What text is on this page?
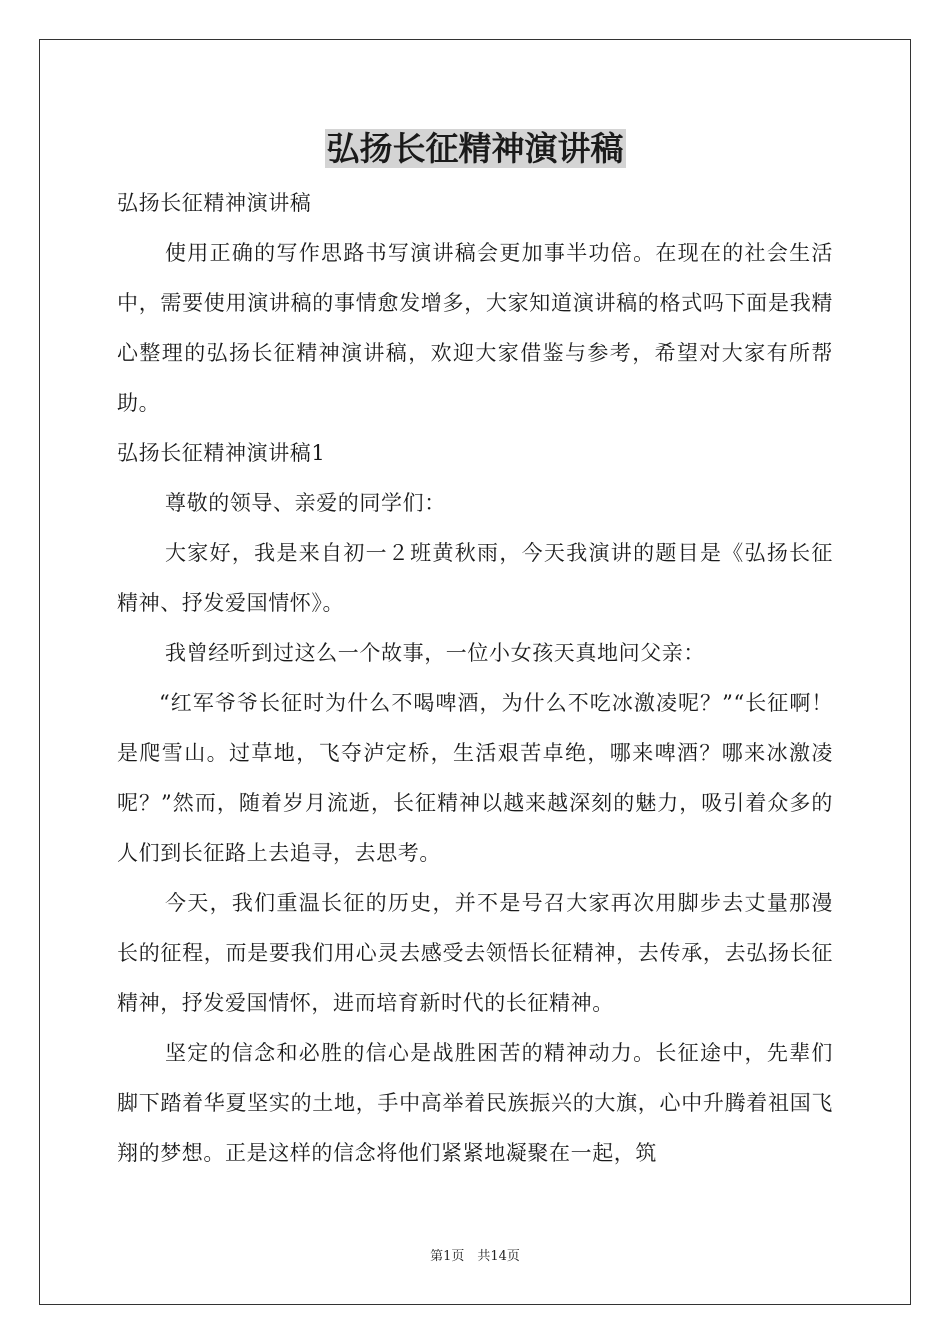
弘扬长征精神演讲稿

弘扬长征精神演讲稿

使用正确的写作思路书写演讲稿会更加事半功倍。在现在的社会生活中，需要使用演讲稿的事情愈发增多，大家知道演讲稿的格式吗下面是我精心整理的弘扬长征精神演讲稿，欢迎大家借鉴与参考，希望对大家有所帮助。

弘扬长征精神演讲稿1

尊敬的领导、亲爱的同学们：

大家好，我是来自初一２班黄秋雨，今天我演讲的题目是《弘扬长征精神、抒发爱国情怀》。

我曾经听到过这么一个故事，一位小女孩天真地问父亲：

“红军爷爷长征时为什么不喝啤酒，为什么不吃冰激凌呢？”“长征啊！是爬雪山。过草地，飞夺泸定桥，生活艰苦卓绝，哪来啤酒？哪来冰激凌呢？”然而，随着岁月流逝，长征精神以越来越深刻的魅力，吸引着众多的人们到长征路上去追寻，去思考。

今天，我们重温长征的历史，并不是号召大家再次用脚步去丈量那漫长的征程，而是要我们用心灵去感受去领悟长征精神，去传承，去弘扬长征精神，抒发爱国情怀，进而培育新时代的长征精神。

坚定的信念和必胜的信心是战胜困苦的精神动力。长征途中，先辈们脚下踏着华夏坚实的土地，手中高举着民族振兴的大旗，心中升腾着祖国飞翔的梦想。正是这样的信念将他们紧紧地凝聚在一起，筑

第1页　共14页
